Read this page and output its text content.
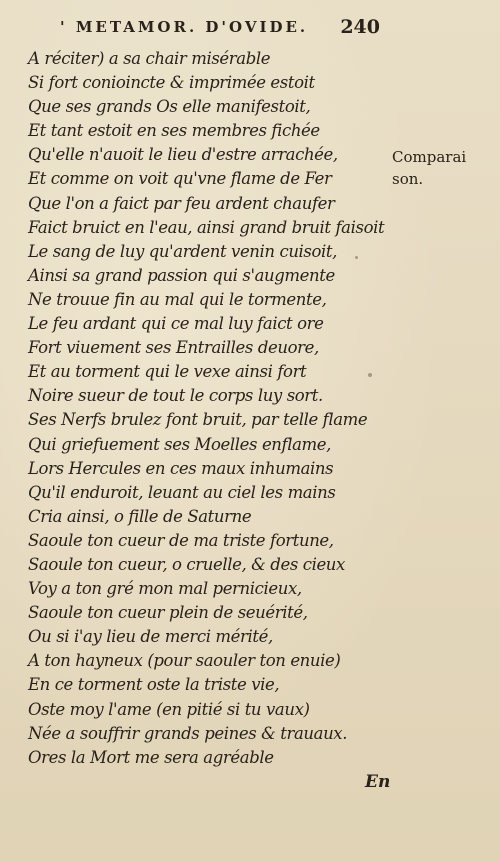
' METAMOR. D'OVIDE. 240
A réciter) a sa chair misérable
Si fort conioincte & imprimée estoit
Que ses grands Os elle manifestoit,
Et tant estoit en ses membres fichée
Qu'elle n'auoit le lieu d'estre arrachée,
Et comme on voit qu'vne flame de Fer
Que l'on a faict par feu ardent chaufer
Faict bruict en l'eau, ainsi grand bruit faisoit
Le sang de luy qu'ardent venin cuisoit,
Ainsi sa grand passion qui s'augmente
Ne trouue fin au mal qui le tormente,
Le feu ardant qui ce mal luy faict ore
Fort viuement ses Entrailles deuore,
Et au torment qui le vexe ainsi fort
Noire sueur de tout le corps luy sort.
Ses Nerfs brulez font bruit, par telle flame
Qui griefuement ses Moelles enflame,
Lors Hercules en ces maux inhumains
Qu'il enduroit, leuant au ciel les mains
Cria ainsi, o fille de Saturne
Saoule ton cueur de ma triste fortune,
Saoule ton cueur, o cruelle, & des cieux
Voy a ton gré mon mal pernicieux,
Saoule ton cueur plein de seuérité,
Ou si i'ay lieu de merci mérité,
A ton hayneux (pour saouler ton enuie)
En ce torment oste la triste vie,
Oste moy l'ame (en pitié si tu vaux)
Née a souffrir grands peines & trauaux.
Ores la Mort me sera agréable
Comparai
son.
En
